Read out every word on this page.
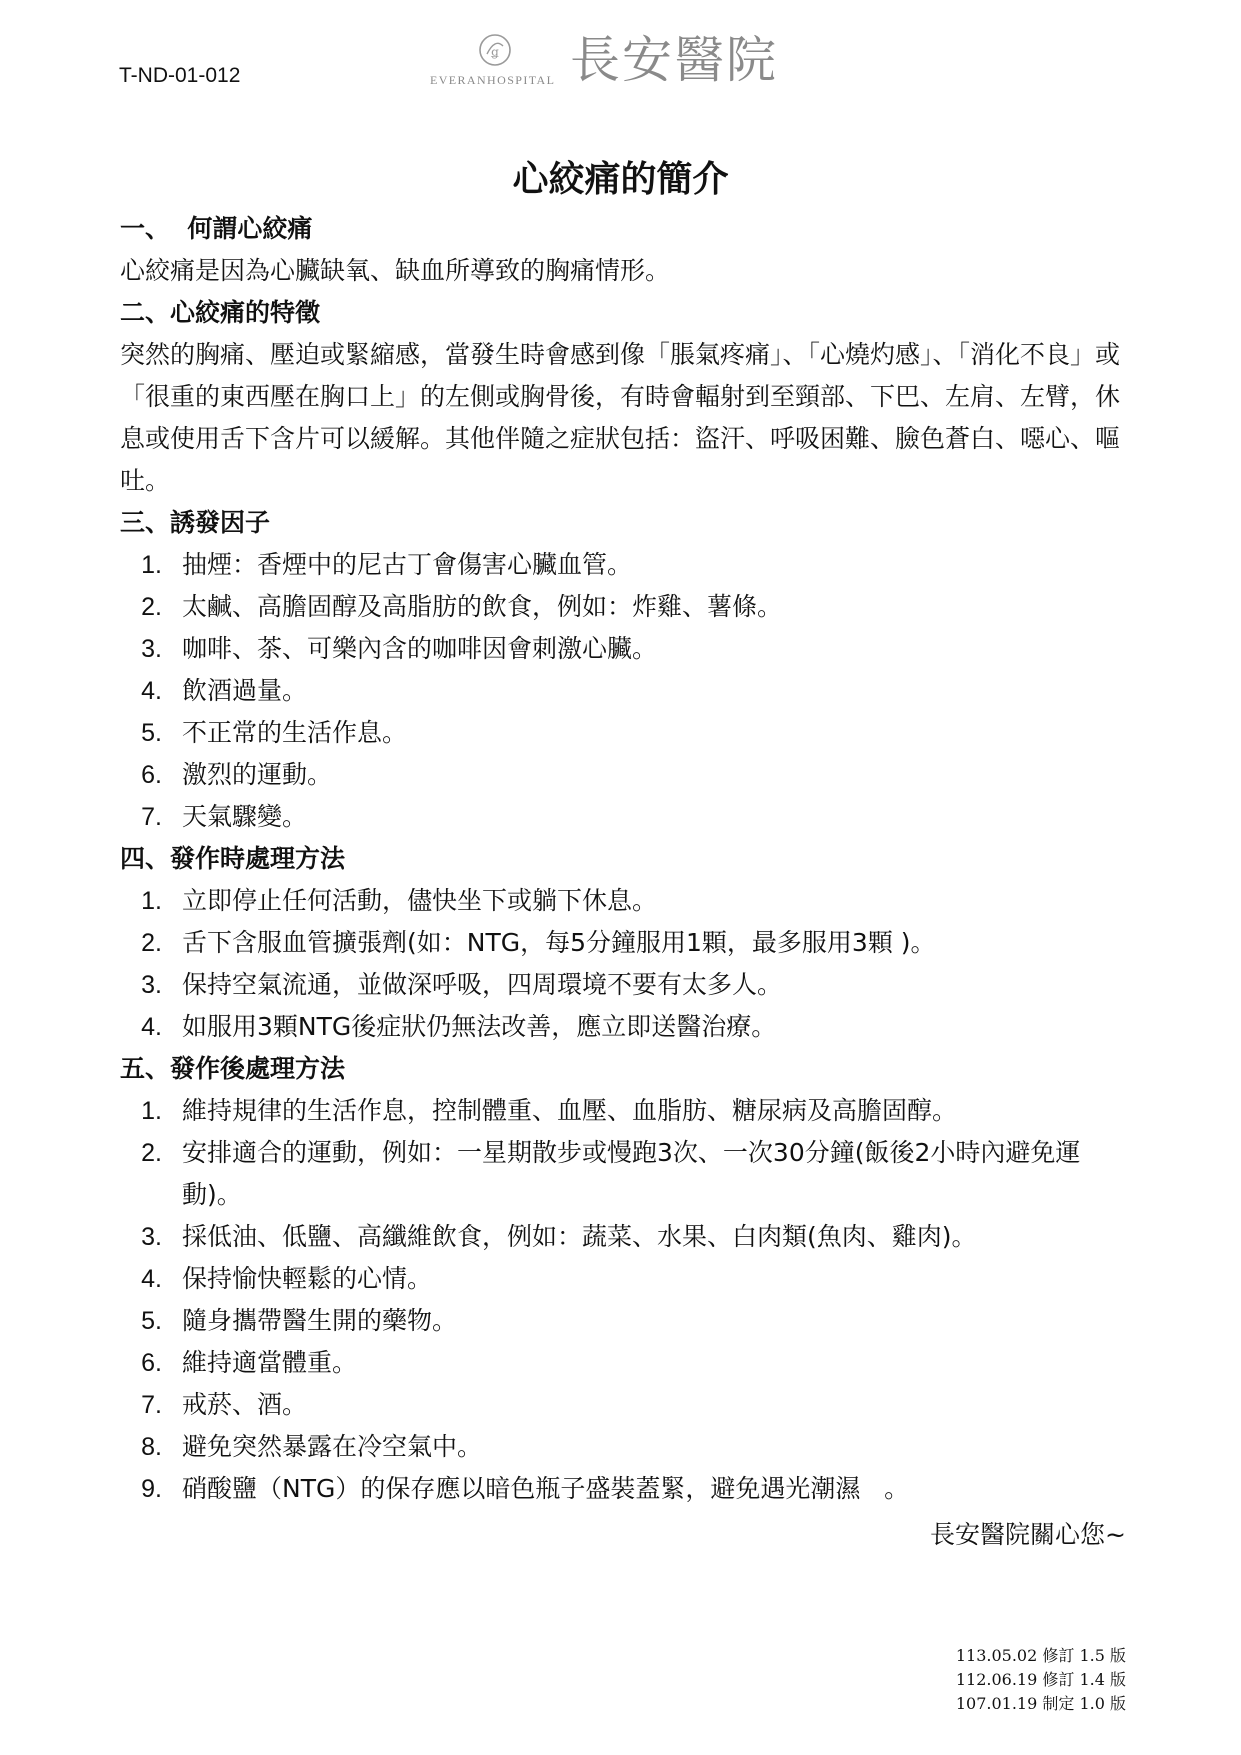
T-ND-01-012
ǥ
EVERANHOSPITAL 長安醫院
心絞痛的簡介
一、  何謂心絞痛

心絞痛是因為心臟缺氧、缺血所導致的胸痛情形。

二、心絞痛的特徵

突然的胸痛、壓迫或緊縮感，當發生時會感到像「脹氣疼痛」、「心燒灼感」、「消化不良」或「很重的東西壓在胸口上」的左側或胸骨後，有時會輻射到至頸部、下巴、左肩、左臂，休息或使用舌下含片可以緩解。其他伴隨之症狀包括：盜汗、呼吸困難、臉色蒼白、噁心、嘔吐。

三、誘發因子
1. 抽煙：香煙中的尼古丁會傷害心臟血管。
2. 太鹹、高膽固醇及高脂肪的飲食，例如：炸雞、薯條。
3. 咖啡、茶、可樂內含的咖啡因會刺激心臟。
4. 飲酒過量。
5. 不正常的生活作息。
6. 激烈的運動。
7. 天氣驟變。
四、發作時處理方法
1. 立即停止任何活動，儘快坐下或躺下休息。
2. 舌下含服血管擴張劑(如：NTG，每5分鐘服用1顆，最多服用3顆 )。
3. 保持空氣流通，並做深呼吸，四周環境不要有太多人。
4. 如服用3顆NTG後症狀仍無法改善，應立即送醫治療。
五、發作後處理方法
1. 維持規律的生活作息，控制體重、血壓、血脂肪、糖尿病及高膽固醇。
2. 安排適合的運動，例如：一星期散步或慢跑3次、一次30分鐘(飯後2小時內避免運動)。
3. 採低油、低鹽、高纖維飲食，例如：蔬菜、水果、白肉類(魚肉、雞肉)。
4. 保持愉快輕鬆的心情。
5. 隨身攜帶醫生開的藥物。
6. 維持適當體重。
7. 戒菸、酒。
8. 避免突然暴露在冷空氣中。
9. 硝酸鹽（NTG）的保存應以暗色瓶子盛裝蓋緊，避免遇光潮濕   。
長安醫院關心您~
113.05.02 修訂 1.5 版
112.06.19 修訂 1.4 版
107.01.19 制定 1.0 版
